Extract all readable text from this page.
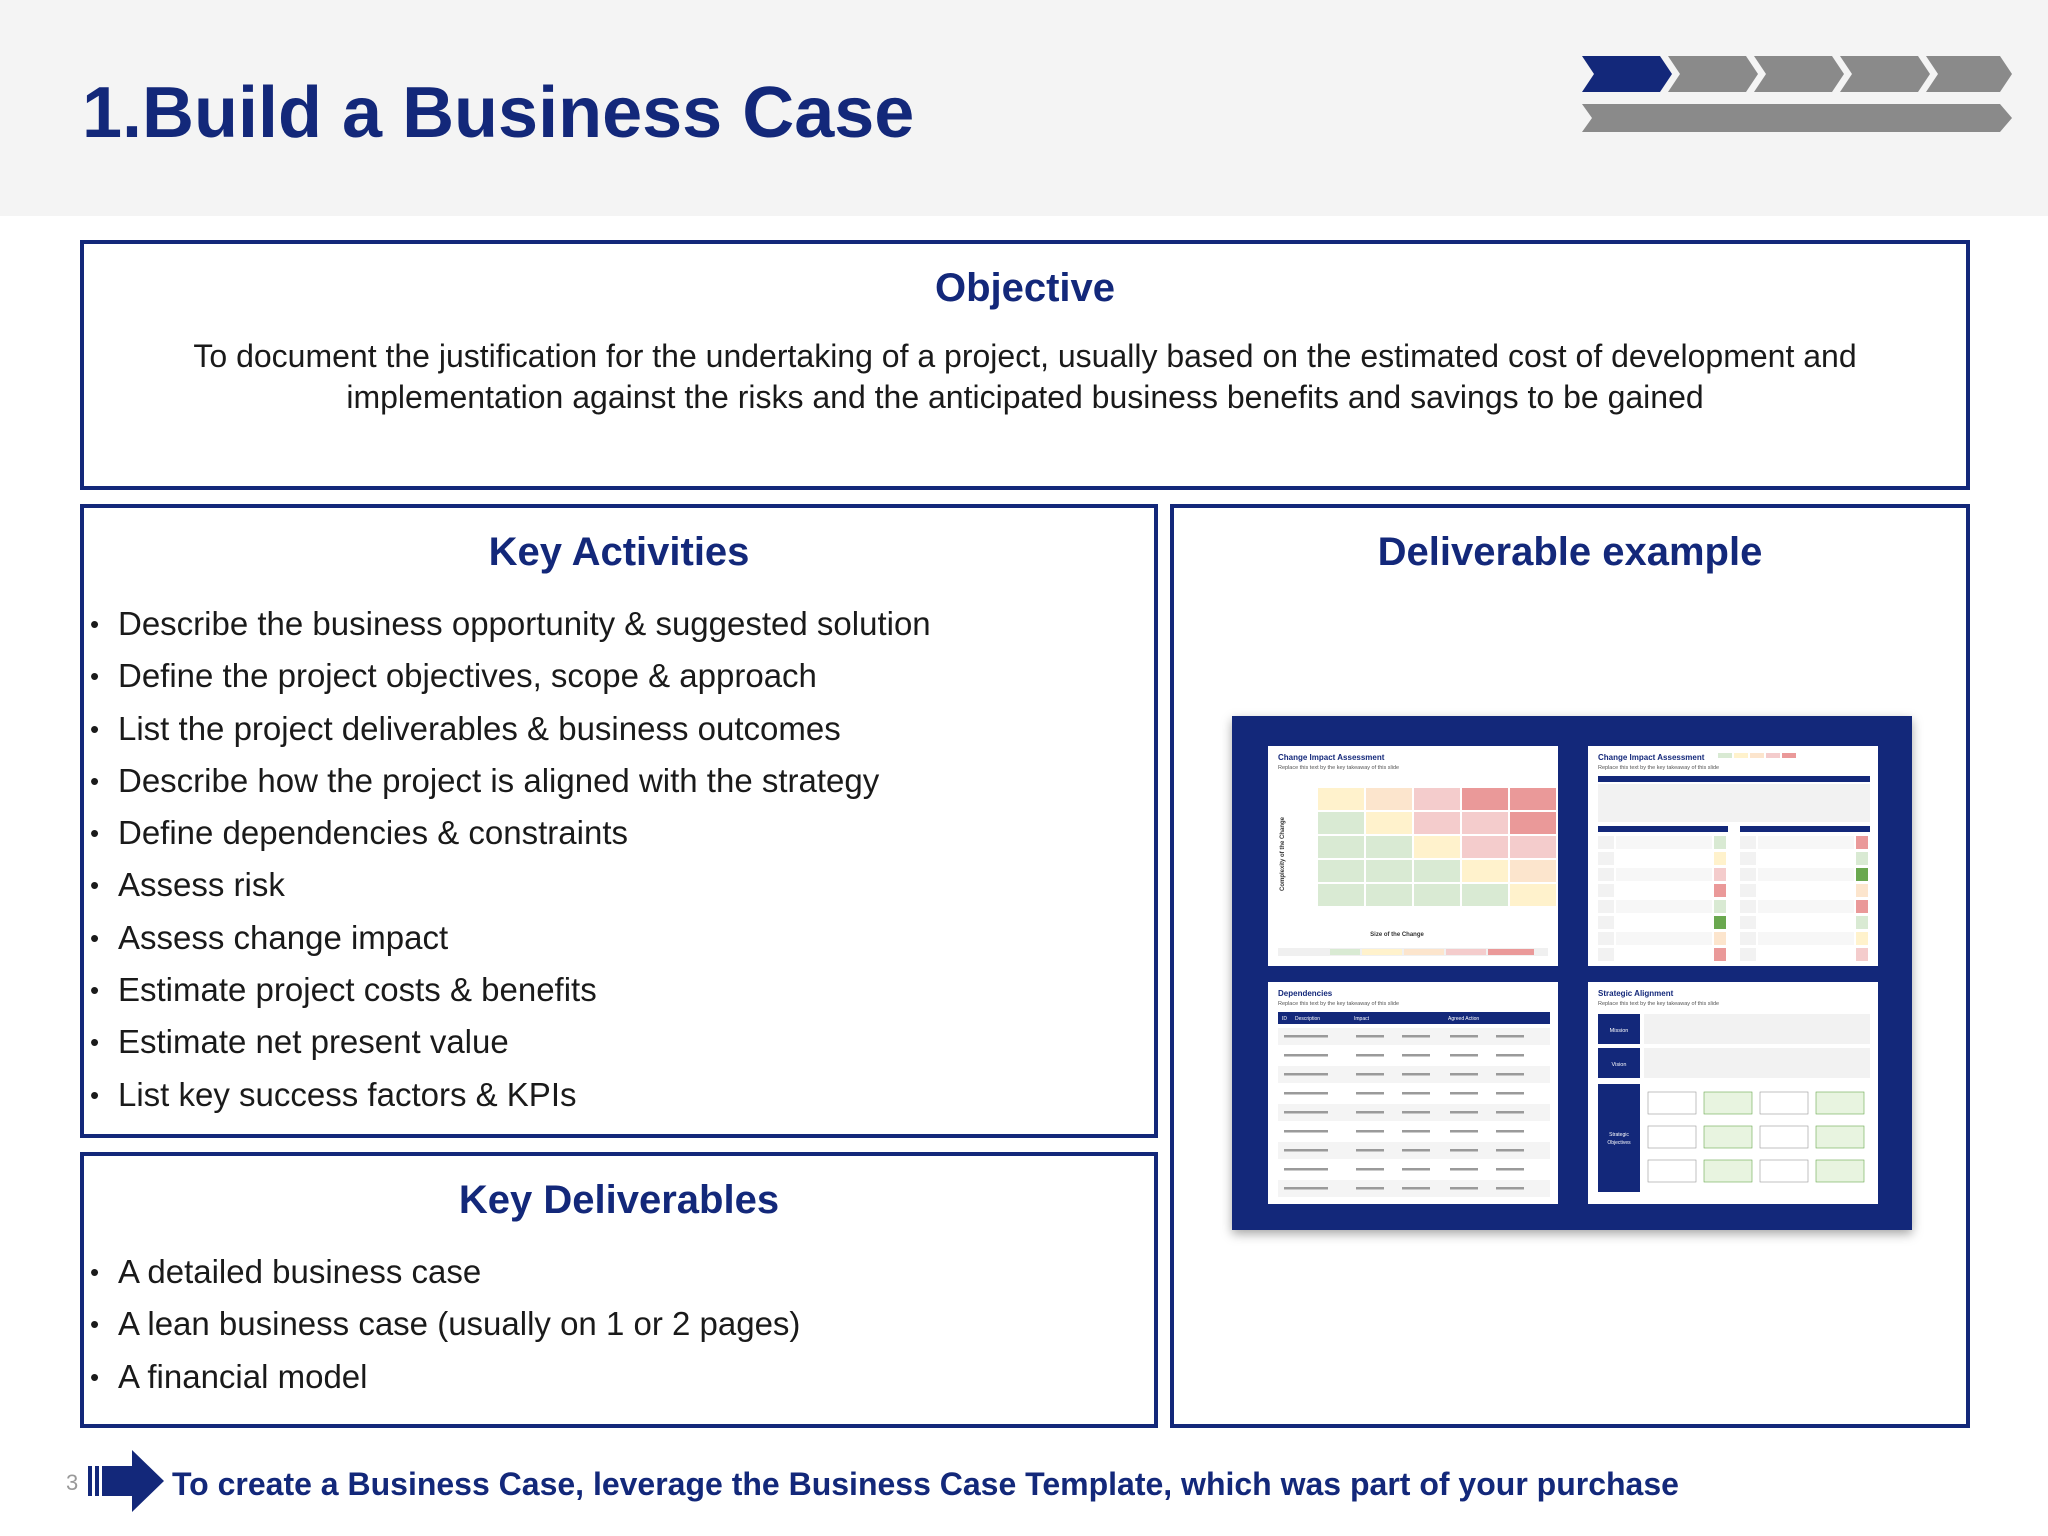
1.Build a Business Case
Objective
To document the justification for the undertaking of a project, usually based on the estimated cost of development and implementation against the risks and the anticipated business benefits and savings to be gained
Key Activities
• Describe the business opportunity & suggested solution
• Define the project objectives, scope & approach
• List the project deliverables & business outcomes
• Describe how the project is aligned with the strategy
• Define dependencies & constraints
• Assess risk
• Assess change impact
• Estimate project costs & benefits
• Estimate net present value
• List key success factors & KPIs
Key Deliverables
• A detailed business case
• A lean business case (usually on 1 or 2 pages)
• A financial model
Deliverable example
Change Impact Assessment
Replace this text by the key takeaway of this slide
Size of the Change
Complexity of the Change
Change Impact Assessment
Replace this text by the key takeaway of this slide
Dependencies
Replace this text by the key takeaway of this slide
ID Description	Impact	Agreed Action
Strategic Alignment
Replace this text by the key takeaway of this slide
Mission
Vision
Strategic
Objectives
3	To create a Business Case, leverage the Business Case Template, which was part of your purchase
